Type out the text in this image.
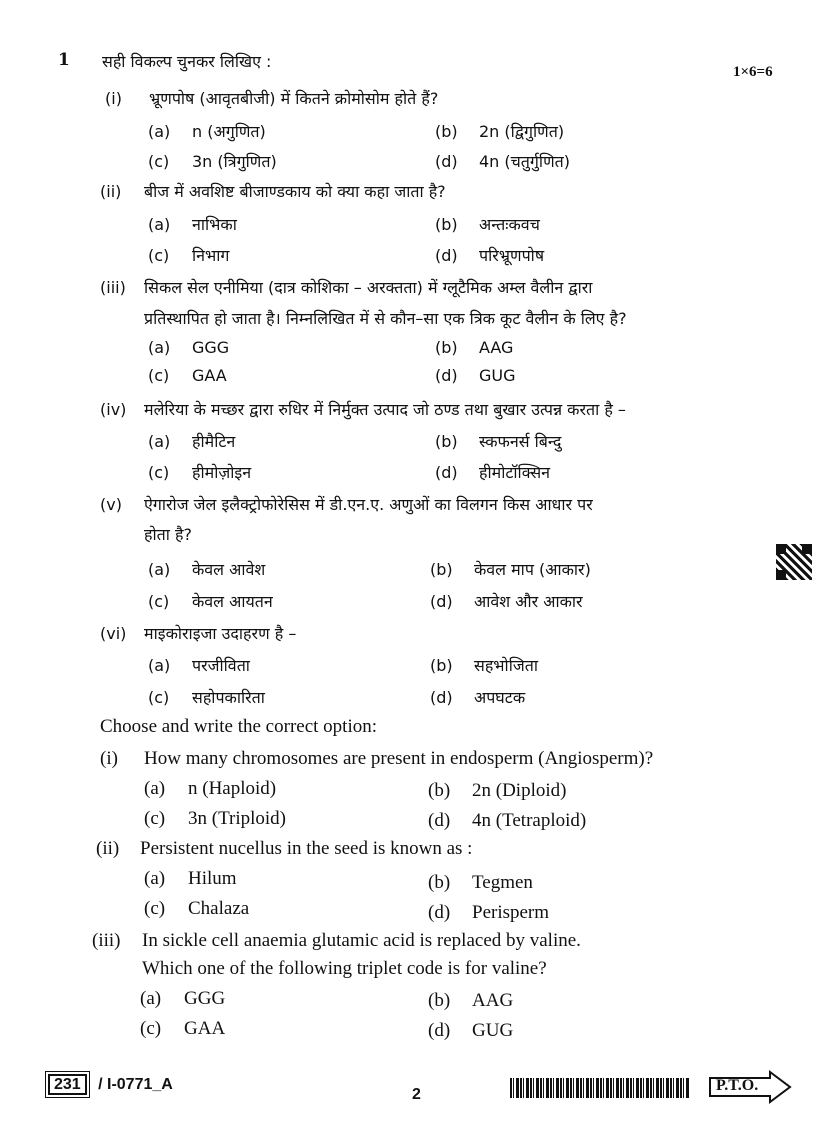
1 सही विकल्प चुनकर लिखिए :
1×6=6
(i) भ्रूणपोष (आवृतबीजी) में कितने क्रोमोसोम होते हैं?
(a) n (अगुणित)	(b) 2n (द्विगुणित)
(c) 3n (त्रिगुणित)	(d) 4n (चतुर्गुणित)
(ii) बीज में अवशिष्ट बीजाण्डकाय को क्या कहा जाता है?
(a) नाभिका	(b) अन्तःकवच
(c) निभाग	(d) परिभ्रूणपोष
(iii) सिकल सेल एनीमिया (दात्र कोशिका – अरक्तता) में ग्लूटैमिक अम्ल वैलीन द्वारा
प्रतिस्थापित हो जाता है। निम्नलिखित में से कौन–सा एक त्रिक कूट वैलीन के लिए है?
(a) GGG	(b) AAG
(c) GAA	(d) GUG
(iv) मलेरिया के मच्छर द्वारा रुधिर में निर्मुक्त उत्पाद जो ठण्ड तथा बुखार उत्पन्न करता है –
(a) हीमैटिन	(b) स्कफनर्स बिन्दु
(c) हीमोज़ोइन	(d) हीमोटॉक्सिन
(v) ऐगारोज जेल इलैक्ट्रोफोरेसिस में डी.एन.ए. अणुओं का विलगन किस आधार पर
होता है?
(a) केवल आवेश	(b) केवल माप (आकार)
(c) केवल आयतन	(d) आवेश और आकार
(vi) माइकोराइजा उदाहरण है –
(a) परजीविता	(b) सहभोजिता
(c) सहोपकारिता	(d) अपघटक
Choose and write the correct option:
(i) How many chromosomes are present in endosperm (Angiosperm)?
(a) n (Haploid)	(b) 2n (Diploid)
(c) 3n (Triploid)	(d) 4n (Tetraploid)
(ii) Persistent nucellus in the seed is known as :
(a) Hilum	(b) Tegmen
(c) Chalaza	(d) Perisperm
(iii) In sickle cell anaemia glutamic acid is replaced by valine.
Which one of the following triplet code is for valine?
(a) GGG	(b) AAG
(c) GAA	(d) GUG
231 / I-0771_A
2
P.T.O.
